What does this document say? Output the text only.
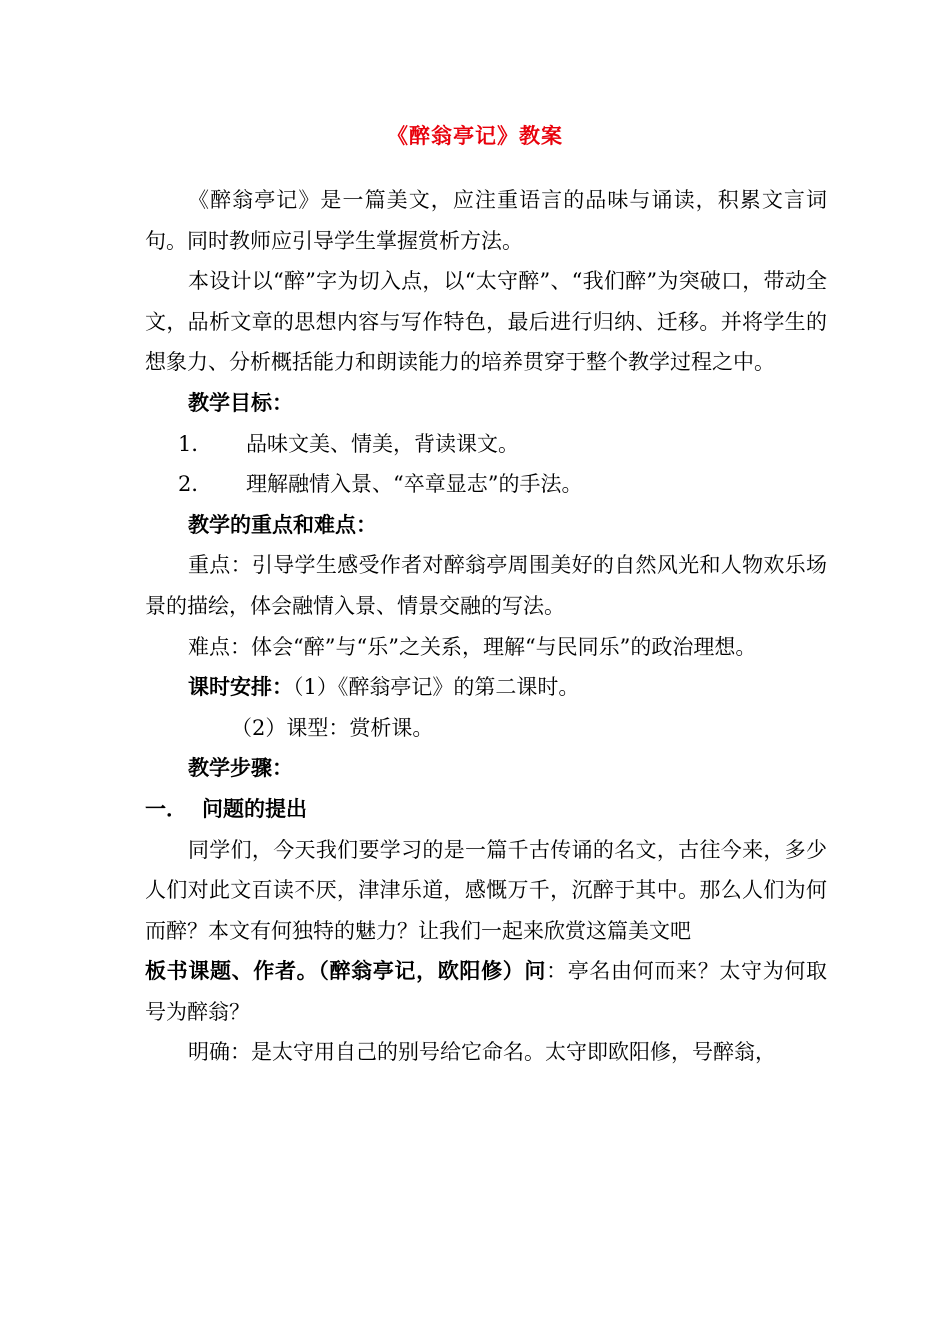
《醉翁亭记》教案

《醉翁亭记》是一篇美文，应注重语言的品味与诵读，积累文言词句。同时教师应引导学生掌握赏析方法。

本设计以“醉”字为切入点，以“太守醉”、“我们醉”为突破口，带动全文，品析文章的思想内容与写作特色，最后进行归纳、迁移。并将学生的想象力、分析概括能力和朗读能力的培养贯穿于整个教学过程之中。

教学目标：

1．	品味文美、情美，背读课文。

2．	理解融情入景、“卒章显志”的手法。

教学的重点和难点：

重点：引导学生感受作者对醉翁亭周围美好的自然风光和人物欢乐场景的描绘，体会融情入景、情景交融的写法。

难点：体会“醉”与“乐”之关系，理解“与民同乐”的政治理想。

课时安排：（1）《醉翁亭记》的第二课时。

（2）课型：赏析课。

教学步骤：

一． 问题的提出

同学们，今天我们要学习的是一篇千古传诵的名文，古往今来，多少人们对此文百读不厌，津津乐道，感慨万千，沉醉于其中。那么人们为何而醉？本文有何独特的魅力？让我们一起来欣赏这篇美文吧

板书课题、作者。（醉翁亭记，欧阳修）问：亭名由何而来？太守为何取号为醉翁？

明确：是太守用自己的别号给它命名。太守即欧阳修，号醉翁，
